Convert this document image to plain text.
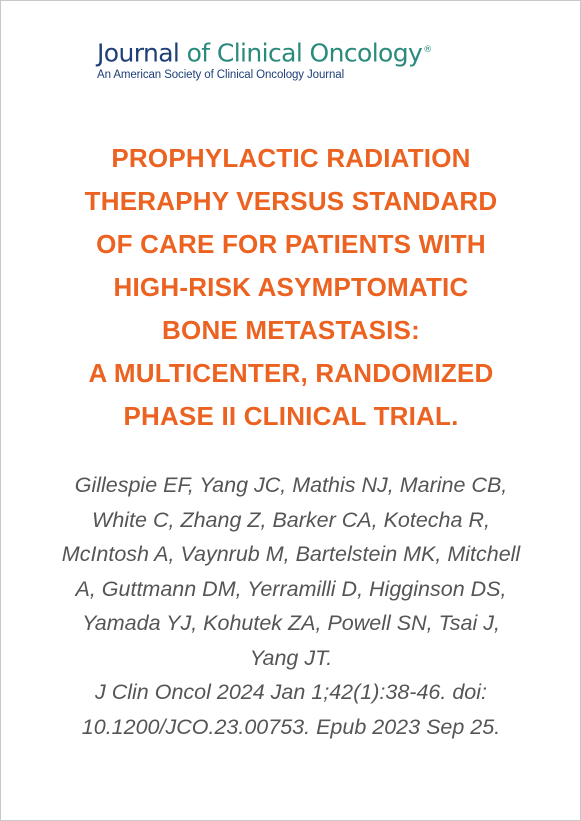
Journal of Clinical Oncology®
An American Society of Clinical Oncology Journal
PROPHYLACTIC RADIATION
THERAPHY VERSUS STANDARD
OF CARE FOR PATIENTS WITH
HIGH-RISK ASYMPTOMATIC
BONE METASTASIS:
A MULTICENTER, RANDOMIZED
PHASE II CLINICAL TRIAL.
Gillespie EF, Yang JC, Mathis NJ, Marine CB,
White C, Zhang Z, Barker CA, Kotecha R,
McIntosh A, Vaynrub M, Bartelstein MK, Mitchell
A, Guttmann DM, Yerramilli D, Higginson DS,
Yamada YJ, Kohutek ZA, Powell SN, Tsai J,
Yang JT.
J Clin Oncol 2024 Jan 1;42(1):38-46. doi:
10.1200/JCO.23.00753. Epub 2023 Sep 25.
